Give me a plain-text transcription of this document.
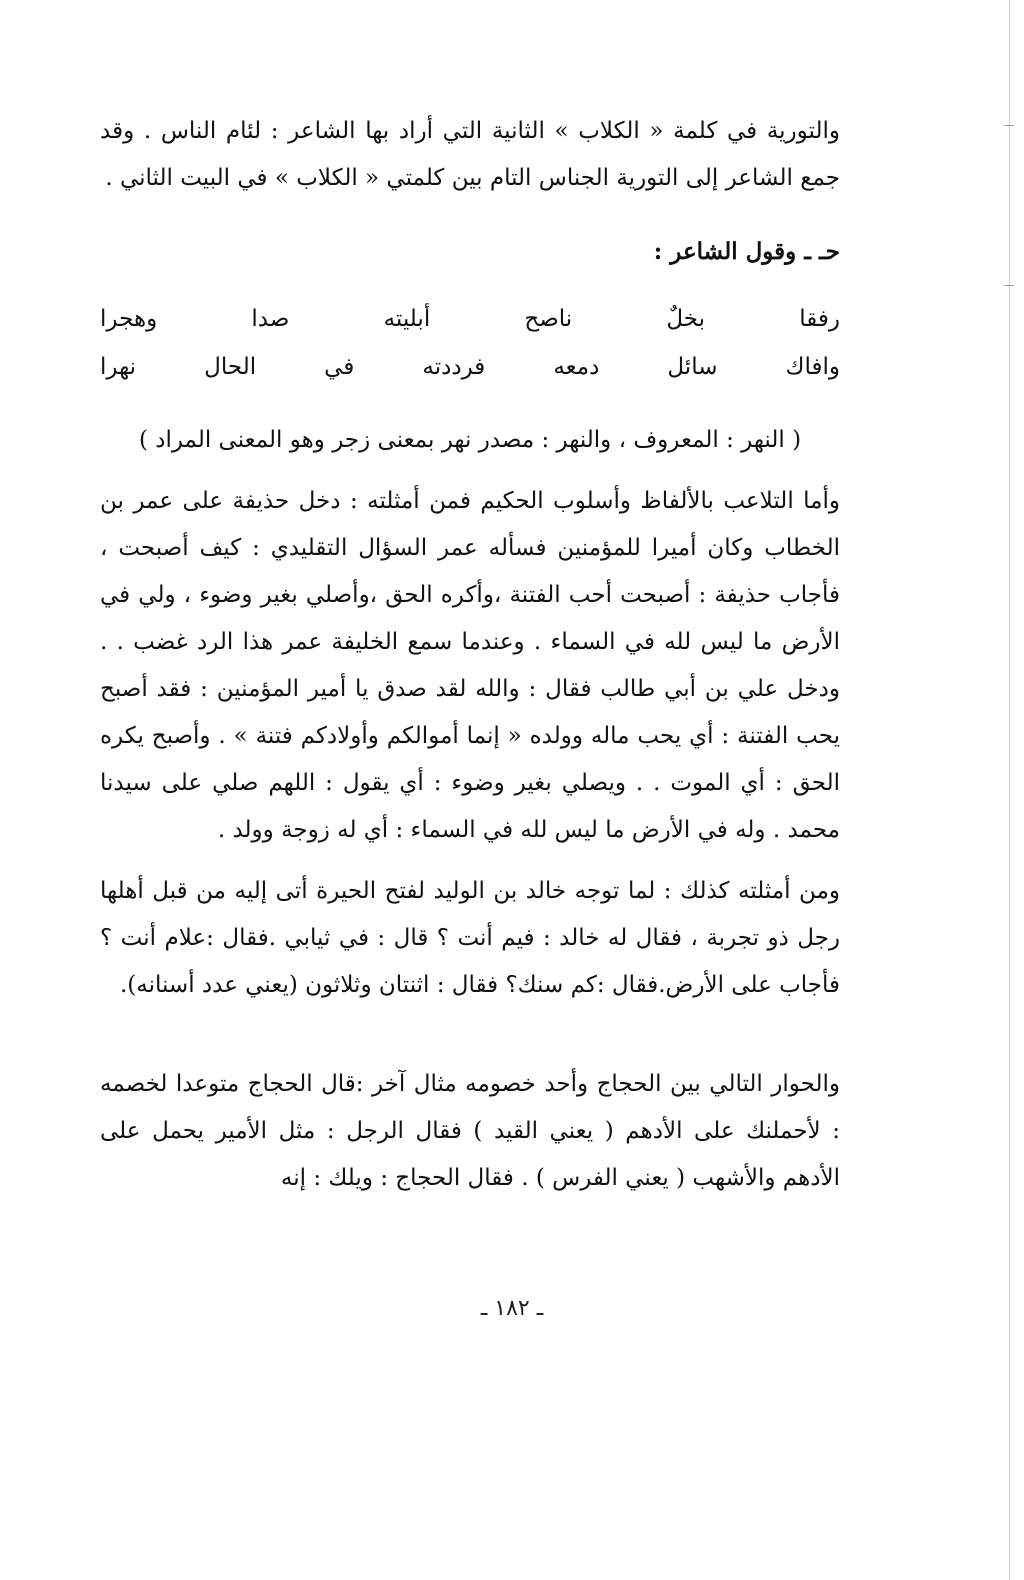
والتورية في كلمة « الكلاب » الثانية التي أراد بها الشاعر : لئام الناس . وقد جمع الشاعر إلى التورية الجناس التام بين كلمتي « الكلاب » في البيت الثاني .

حـ ـ وقول الشاعر :

رفقا
بخلٌ
ناصح
أبليته
صدا
وهجرا
وافاك
سائل
دمعه
فرددته
في
الحال
نهرا

( النهر : المعروف ، والنهر : مصدر نهر بمعنى زجر وهو المعنى المراد )

وأما التلاعب بالألفاظ وأسلوب الحكيم فمن أمثلته : دخل حذيفة على عمر بن الخطاب وكان أميرا للمؤمنين فسأله عمر السؤال التقليدي : كيف أصبحت ، فأجاب حذيفة : أصبحت أحب الفتنة ،وأكره الحق ،وأصلي بغير وضوء ، ولي في الأرض ما ليس لله في السماء . وعندما سمع الخليفة عمر هذا الرد غضب . . ودخل علي بن أبي طالب فقال : والله لقد صدق يا أمير المؤمنين : فقد أصبح يحب الفتنة : أي يحب ماله وولده « إنما أموالكم وأولادكم فتنة » . وأصبح يكره الحق : أي الموت . . ويصلي بغير وضوء : أي يقول : اللهم صلي على سيدنا محمد . وله في الأرض ما ليس لله في السماء : أي له زوجة وولد .

ومن أمثلته كذلك : لما توجه خالد بن الوليد لفتح الحيرة أتى إليه من قبل أهلها رجل ذو تجربة ، فقال له خالد : فيم أنت ؟ قال : في ثيابي .فقال :علام أنت ؟ فأجاب على الأرض.فقال :كم سنك؟ فقال : اثنتان وثلاثون (يعني عدد أسنانه).

والحوار التالي بين الحجاج وأحد خصومه مثال آخر :قال الحجاج متوعدا لخصمه : لأحملنك على الأدهم ( يعني القيد ) فقال الرجل : مثل الأمير يحمل على الأدهم والأشهب ( يعني الفرس ) . فقال الحجاج : ويلك : إنه

ـ ١٨٢ ـ
